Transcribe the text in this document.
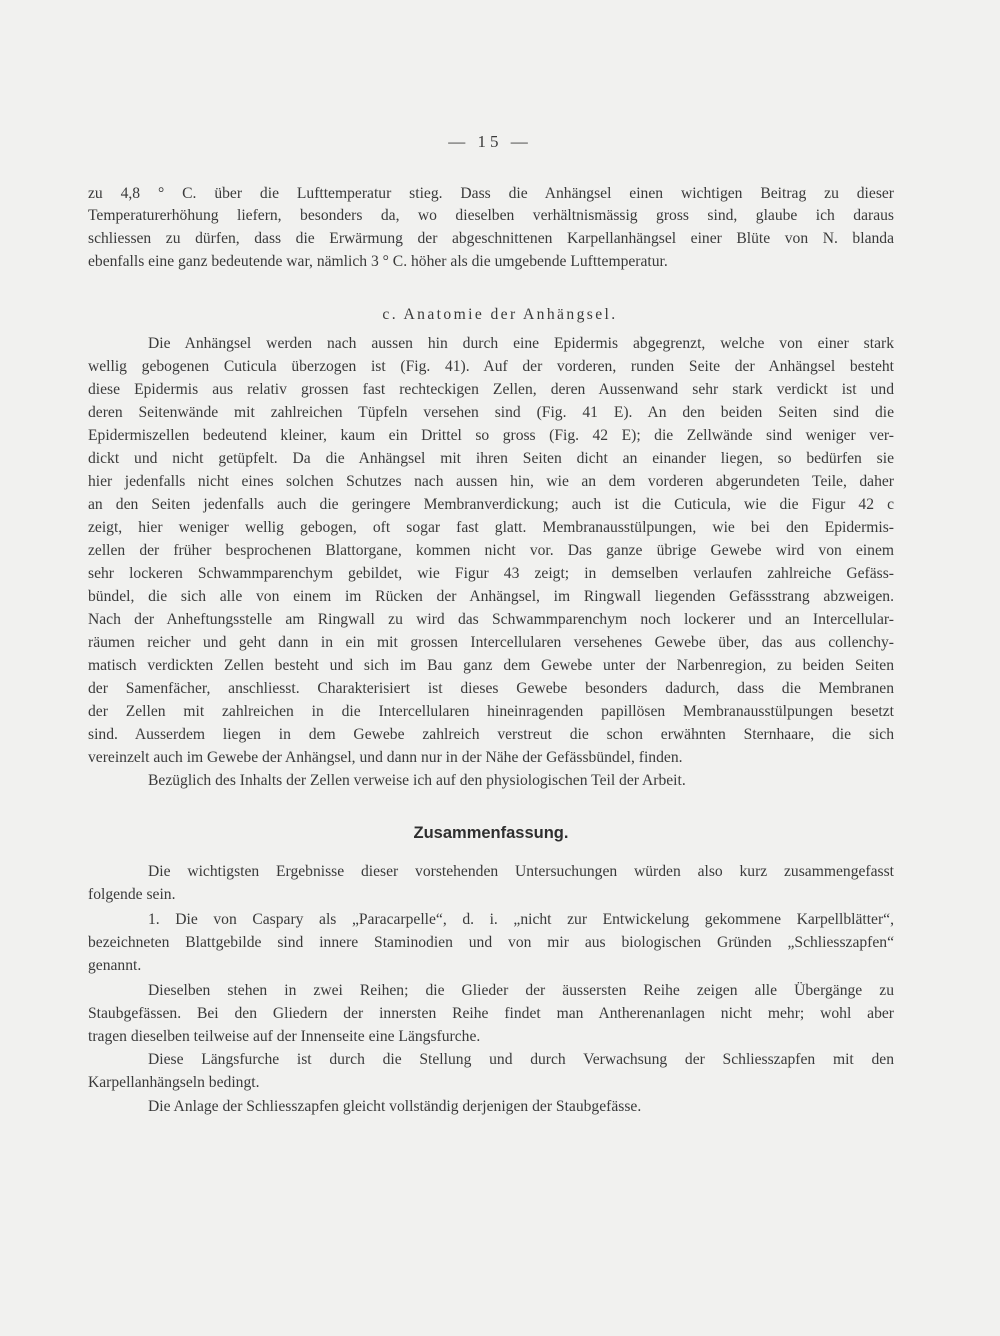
— 15 —
zu 4,8 ° C. über die Lufttemperatur stieg. Dass die Anhängsel einen wichtigen Beitrag zu dieser
Temperaturerhöhung liefern, besonders da, wo dieselben verhältnismässig gross sind, glaube ich daraus
schliessen zu dürfen, dass die Erwärmung der abgeschnittenen Karpellanhängsel einer Blüte von N. blanda
ebenfalls eine ganz bedeutende war, nämlich 3 ° C. höher als die umgebende Lufttemperatur.
c. Anatomie der Anhängsel.
Die Anhängsel werden nach aussen hin durch eine Epidermis abgegrenzt, welche von einer stark
wellig gebogenen Cuticula überzogen ist (Fig. 41). Auf der vorderen, runden Seite der Anhängsel besteht
diese Epidermis aus relativ grossen fast rechteckigen Zellen, deren Aussenwand sehr stark verdickt ist und
deren Seitenwände mit zahlreichen Tüpfeln versehen sind (Fig. 41 E). An den beiden Seiten sind die
Epidermiszellen bedeutend kleiner, kaum ein Drittel so gross (Fig. 42 E); die Zellwände sind weniger ver-
dickt und nicht getüpfelt. Da die Anhängsel mit ihren Seiten dicht an einander liegen, so bedürfen sie
hier jedenfalls nicht eines solchen Schutzes nach aussen hin, wie an dem vorderen abgerundeten Teile, daher
an den Seiten jedenfalls auch die geringere Membranverdickung; auch ist die Cuticula, wie die Figur 42 c
zeigt, hier weniger wellig gebogen, oft sogar fast glatt. Membranausstülpungen, wie bei den Epidermis-
zellen der früher besprochenen Blattorgane, kommen nicht vor. Das ganze übrige Gewebe wird von einem
sehr lockeren Schwammparenchym gebildet, wie Figur 43 zeigt; in demselben verlaufen zahlreiche Gefäss-
bündel, die sich alle von einem im Rücken der Anhängsel, im Ringwall liegenden Gefässstrang abzweigen.
Nach der Anheftungsstelle am Ringwall zu wird das Schwammparenchym noch lockerer und an Intercellular-
räumen reicher und geht dann in ein mit grossen Intercellularen versehenes Gewebe über, das aus collenchy-
matisch verdickten Zellen besteht und sich im Bau ganz dem Gewebe unter der Narbenregion, zu beiden Seiten
der Samenfächer, anschliesst. Charakterisiert ist dieses Gewebe besonders dadurch, dass die Membranen
der Zellen mit zahlreichen in die Intercellularen hineinragenden papillösen Membranausstülpungen besetzt
sind. Ausserdem liegen in dem Gewebe zahlreich verstreut die schon erwähnten Sternhaare, die sich
vereinzelt auch im Gewebe der Anhängsel, und dann nur in der Nähe der Gefässbündel, finden.
Bezüglich des Inhalts der Zellen verweise ich auf den physiologischen Teil der Arbeit.
Zusammenfassung.
Die wichtigsten Ergebnisse dieser vorstehenden Untersuchungen würden also kurz zusammengefasst
folgende sein.
1. Die von Caspary als „Paracarpelle“, d. i. „nicht zur Entwickelung gekommene Karpellblätter“,
bezeichneten Blattgebilde sind innere Staminodien und von mir aus biologischen Gründen „Schliesszapfen“
genannt.
Dieselben stehen in zwei Reihen; die Glieder der äussersten Reihe zeigen alle Übergänge zu
Staubgefässen. Bei den Gliedern der innersten Reihe findet man Antherenanlagen nicht mehr; wohl aber
tragen dieselben teilweise auf der Innenseite eine Längsfurche.
Diese Längsfurche ist durch die Stellung und durch Verwachsung der Schliesszapfen mit den
Karpellanhängseln bedingt.
Die Anlage der Schliesszapfen gleicht vollständig derjenigen der Staubgefässe.
